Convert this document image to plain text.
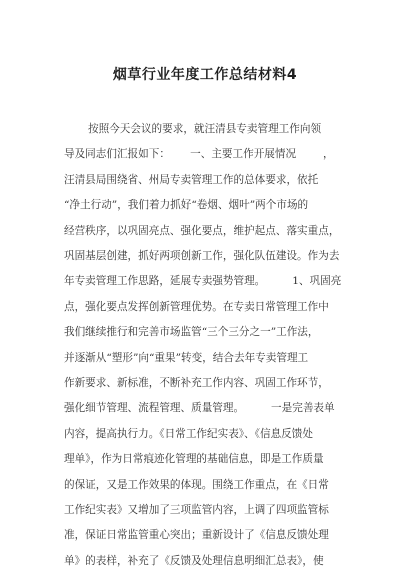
烟草行业年度工作总结材料4
按照今天会议的要求，就汪清县专卖管理工作向领
导及同志们汇报如下：      一、主要工作开展情况        ，
汪清县局围绕省、州局专卖管理工作的总体要求，依托
“净土行动”，我们着力抓好“卷烟、烟叶”两个市场的
经营秩序，以巩固亮点、强化要点，维护起点、落实重点，
巩固基层创建，抓好两项创新工作，强化队伍建设。作为去
年专卖管理工作思路，延展专卖强势管理。        1、巩固亮
点，强化要点发挥创新管理优势。在专卖日常管理工作中
我们继续推行和完善市场监管“三个三分之一”工作法，
并逐渐从“塑形”向“重果”转变，结合去年专卖管理工
作新要求、新标准，不断补充工作内容、巩固工作环节，
强化细节管理、流程管理、质量管理。        一是完善表单
内容，提高执行力。《日常工作纪实表》、《信息反馈处
理单》，作为日常痕迹化管理的基础信息，即是工作质量
的保证，又是工作效果的体现。围绕工作重点，在《日常
工作纪实表》又增加了三项监管内容，上调了四项监管标
准，保证日常监管重心突出；重新设计了《信息反馈处理
单》的表样，补充了《反馈及处理信息明细汇总表》，使
